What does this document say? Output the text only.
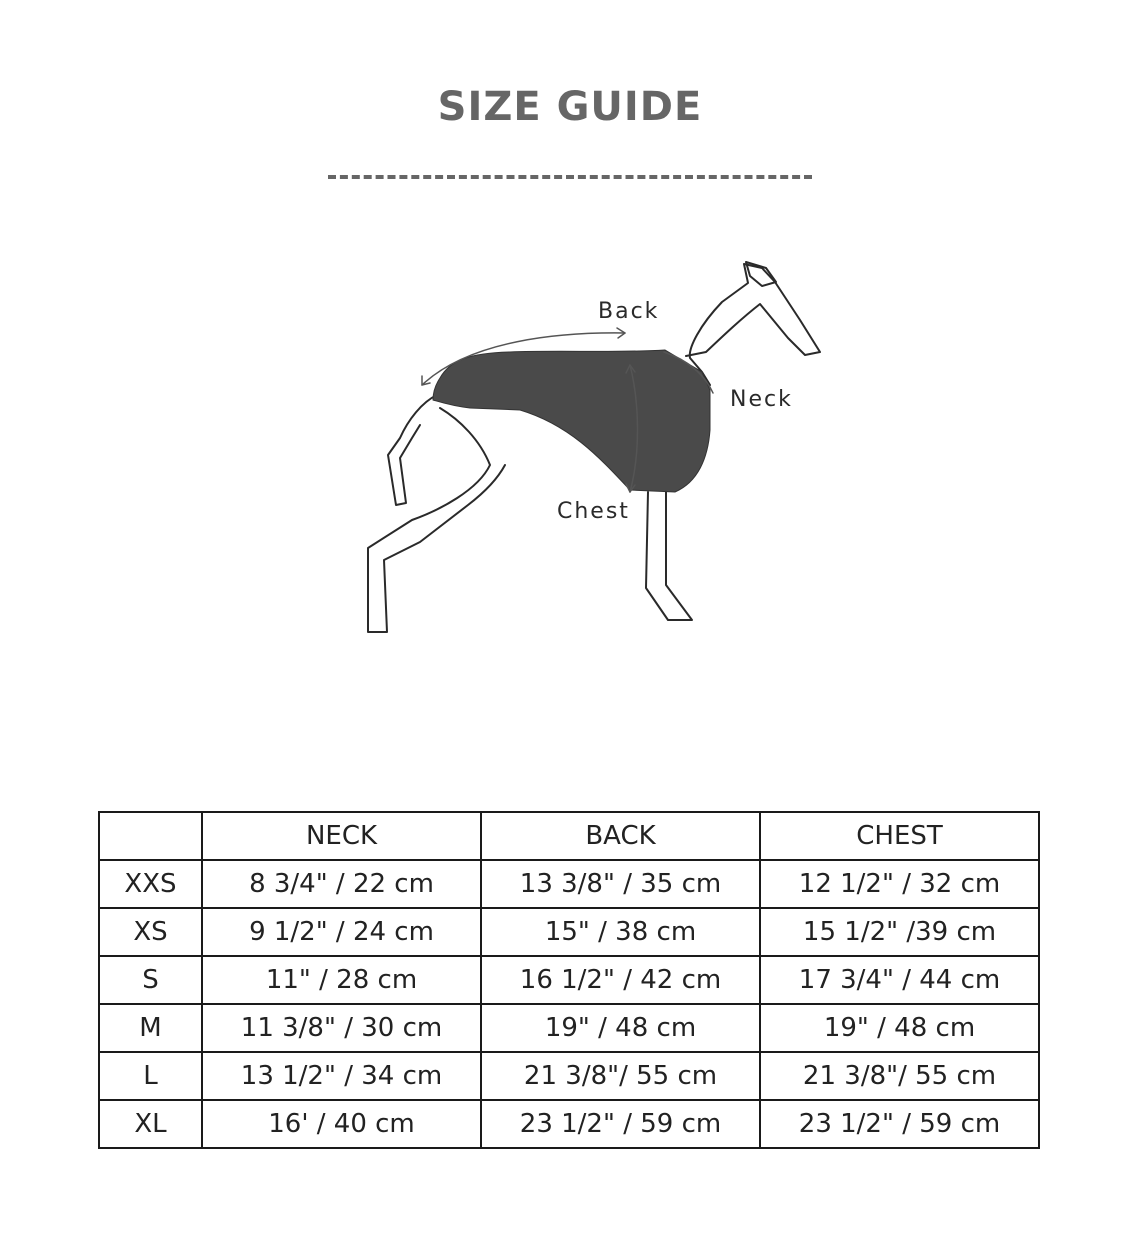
SIZE GUIDE
Back
Neck
Chest
	NECK	BACK	CHEST
XXS	8 3/4" / 22 cm	13 3/8" / 35 cm	12 1/2" / 32 cm
XS	9 1/2" / 24 cm	15" / 38 cm	15 1/2" /39 cm
S	11" / 28 cm	16 1/2" / 42 cm	17 3/4" / 44 cm
M	11 3/8" / 30 cm	19" / 48 cm	19" / 48 cm
L	13 1/2" / 34 cm	21 3/8"/ 55 cm	21 3/8"/ 55 cm
XL	16' / 40 cm	23 1/2" / 59 cm	23 1/2" / 59 cm
